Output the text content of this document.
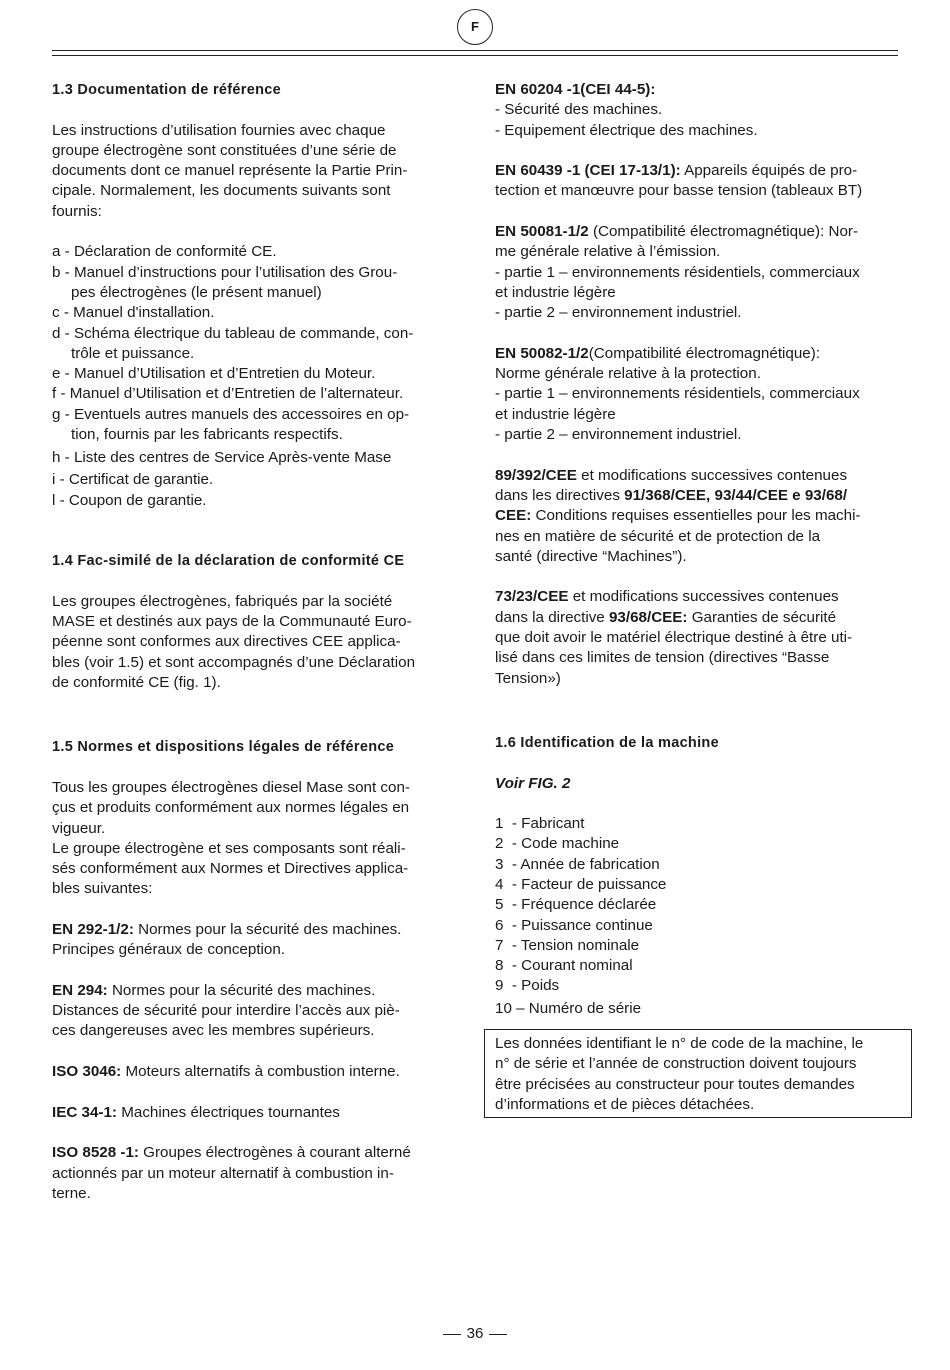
F
1.3 Documentation de référence
Les instructions d’utilisation fournies avec chaque
groupe électrogène sont constituées d’une série de
documents dont ce manuel représente la Partie Prin-
cipale. Normalement, les documents suivants sont
fournis:
a - Déclaration de conformité CE.
b - Manuel d’instructions pour l’utilisation des Grou-
pes électrogènes (le présent manuel)
c - Manuel d'installation.
d - Schéma électrique du tableau de commande, con-
trôle et puissance.
e - Manuel d’Utilisation et d’Entretien du Moteur.
f - Manuel d’Utilisation et d’Entretien de l’alternateur.
g - Eventuels autres manuels des accessoires en op-
tion, fournis par les fabricants respectifs.
h - Liste des centres de Service Après-vente Mase
i - Certificat de garantie.
l - Coupon de garantie.
1.4 Fac-similé de la déclaration de conformité CE
Les groupes électrogènes, fabriqués par la société
MASE et destinés aux pays de la Communauté Euro-
péenne sont conformes aux directives CEE applica-
bles (voir 1.5) et sont accompagnés d’une Déclaration
de conformité CE (fig. 1).
1.5 Normes et dispositions légales de référence
Tous les groupes électrogènes diesel Mase sont con-
çus et produits conformément aux normes légales en
vigueur.
Le groupe électrogène et ses composants sont réali-
sés conformément aux Normes et Directives applica-
bles suivantes:
EN 292-1/2: Normes pour la sécurité des machines.
Principes généraux de conception.
EN 294: Normes pour la sécurité des machines.
Distances de sécurité pour interdire l’accès aux piè-
ces dangereuses avec les membres supérieurs.
ISO 3046: Moteurs alternatifs à combustion interne.
IEC 34-1: Machines électriques tournantes
ISO 8528 -1: Groupes électrogènes à courant alterné
actionnés par un moteur alternatif à combustion in-
terne.
EN 60204 -1(CEI 44-5):
- Sécurité des machines.
- Equipement électrique des machines.
EN 60439 -1 (CEI 17-13/1): Appareils équipés de pro-
tection et manœuvre pour basse tension (tableaux BT)
EN 50081-1/2 (Compatibilité électromagnétique): Nor-
me générale relative à l’émission.
- partie 1 – environnements résidentiels, commerciaux
et industrie légère
- partie 2 – environnement industriel.
EN 50082-1/2(Compatibilité électromagnétique):
Norme générale relative à la protection.
- partie 1 – environnements résidentiels, commerciaux
et industrie légère
- partie 2 – environnement industriel.
89/392/CEE et modifications successives contenues
dans les directives 91/368/CEE, 93/44/CEE e 93/68/
CEE: Conditions requises essentielles pour les machi-
nes en matière de sécurité et de protection de la
santé (directive “Machines”).
73/23/CEE et modifications successives contenues
dans la directive 93/68/CEE: Garanties de sécurité
que doit avoir le matériel électrique destiné à être uti-
lisé dans ces limites de tension (directives “Basse
Tension»)
1.6 Identification de la machine
Voir FIG. 2
1  - Fabricant
2  - Code machine
3  - Année de fabrication
4  - Facteur de puissance
5  - Fréquence déclarée
6  - Puissance continue
7  - Tension nominale
8  - Courant nominal
9  - Poids
10 – Numéro de série
Les données identifiant le n° de code de la machine, le
n° de série et l’année de construction doivent toujours
être précisées au constructeur pour toutes demandes
d’informations et de pièces détachées.
36
